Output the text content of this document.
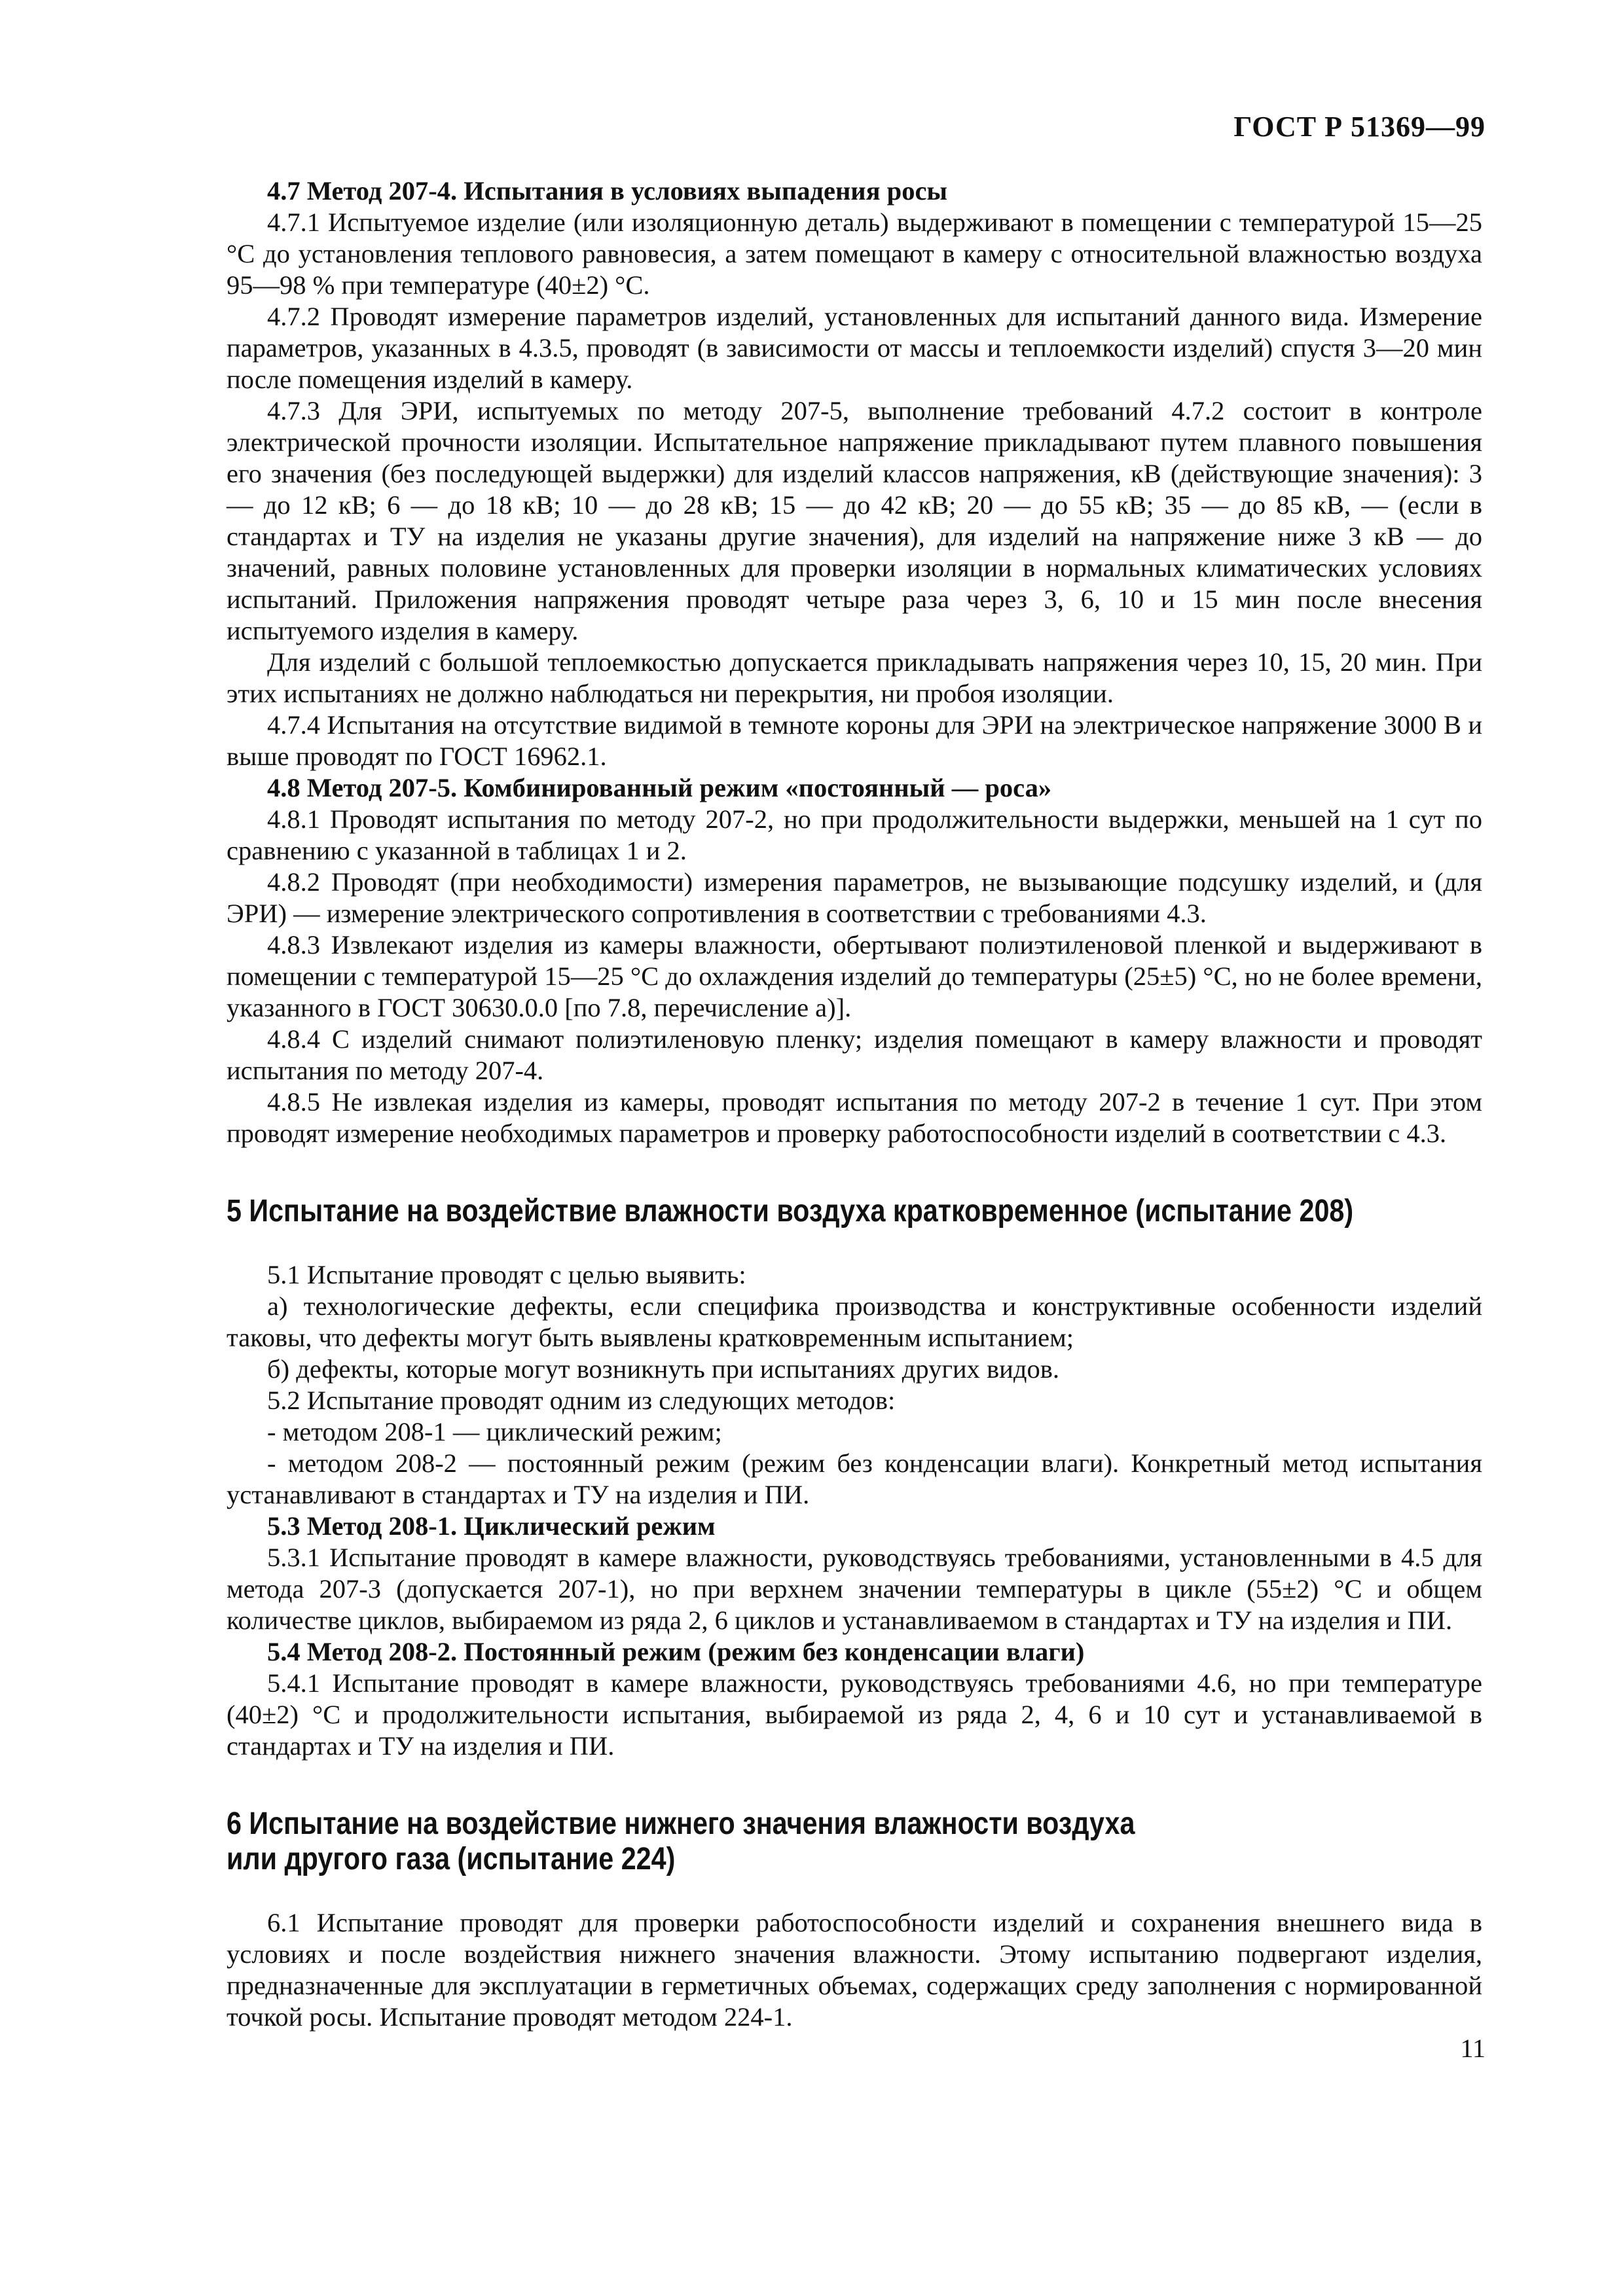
ГОСТ Р 51369—99

4.7 Метод 207-4. Испытания в условиях выпадения росы

4.7.1 Испытуемое изделие (или изоляционную деталь) выдерживают в помещении с температурой 15—25 °С до установления теплового равновесия, а затем помещают в камеру с относительной влажностью воздуха 95—98 % при температуре (40±2) °С.

4.7.2 Проводят измерение параметров изделий, установленных для испытаний данного вида. Измерение параметров, указанных в 4.3.5, проводят (в зависимости от массы и теплоемкости изделий) спустя 3—20 мин после помещения изделий в камеру.

4.7.3 Для ЭРИ, испытуемых по методу 207-5, выполнение требований 4.7.2 состоит в контроле электрической прочности изоляции. Испытательное напряжение прикладывают путем плавного повышения его значения (без последующей выдержки) для изделий классов напряжения, кВ (действующие значения): 3 — до 12 кВ; 6 — до 18 кВ; 10 — до 28 кВ; 15 — до 42 кВ; 20 — до 55 кВ; 35 — до 85 кВ, — (если в стандартах и ТУ на изделия не указаны другие значения), для изделий на напряжение ниже 3 кВ — до значений, равных половине установленных для проверки изоляции в нормальных климатических условиях испытаний. Приложения напряжения проводят четыре раза через 3, 6, 10 и 15 мин после внесения испытуемого изделия в камеру.

Для изделий с большой теплоемкостью допускается прикладывать напряжения через 10, 15, 20 мин. При этих испытаниях не должно наблюдаться ни перекрытия, ни пробоя изоляции.

4.7.4 Испытания на отсутствие видимой в темноте короны для ЭРИ на электрическое напряжение 3000 В и выше проводят по ГОСТ 16962.1.

4.8 Метод 207-5. Комбинированный режим «постоянный — роса»

4.8.1 Проводят испытания по методу 207-2, но при продолжительности выдержки, меньшей на 1 сут по сравнению с указанной в таблицах 1 и 2.

4.8.2 Проводят (при необходимости) измерения параметров, не вызывающие подсушку изделий, и (для ЭРИ) — измерение электрического сопротивления в соответствии с требованиями 4.3.

4.8.3 Извлекают изделия из камеры влажности, обертывают полиэтиленовой пленкой и выдерживают в помещении с температурой 15—25 °С до охлаждения изделий до температуры (25±5) °С, но не более времени, указанного в ГОСТ 30630.0.0 [по 7.8, перечисление а)].

4.8.4 С изделий снимают полиэтиленовую пленку; изделия помещают в камеру влажности и проводят испытания по методу 207-4.

4.8.5 Не извлекая изделия из камеры, проводят испытания по методу 207-2 в течение 1 сут. При этом проводят измерение необходимых параметров и проверку работоспособности изделий в соответствии с 4.3.

5 Испытание на воздействие влажности воздуха кратковременное (испытание 208)

5.1 Испытание проводят с целью выявить:

а) технологические дефекты, если специфика производства и конструктивные особенности изделий таковы, что дефекты могут быть выявлены кратковременным испытанием;

б) дефекты, которые могут возникнуть при испытаниях других видов.

5.2 Испытание проводят одним из следующих методов:

- методом 208-1 — циклический режим;

- методом 208-2 — постоянный режим (режим без конденсации влаги). Конкретный метод испытания устанавливают в стандартах и ТУ на изделия и ПИ.

5.3 Метод 208-1. Циклический режим

5.3.1 Испытание проводят в камере влажности, руководствуясь требованиями, установленными в 4.5 для метода 207-3 (допускается 207-1), но при верхнем значении температуры в цикле (55±2) °С и общем количестве циклов, выбираемом из ряда 2, 6 циклов и устанавливаемом в стандартах и ТУ на изделия и ПИ.

5.4 Метод 208-2. Постоянный режим (режим без конденсации влаги)

5.4.1 Испытание проводят в камере влажности, руководствуясь требованиями 4.6, но при температуре (40±2) °С и продолжительности испытания, выбираемой из ряда 2, 4, 6 и 10 сут и устанавливаемой в стандартах и ТУ на изделия и ПИ.

6 Испытание на воздействие нижнего значения влажности воздуха
или другого газа (испытание 224)

6.1 Испытание проводят для проверки работоспособности изделий и сохранения внешнего вида в условиях и после воздействия нижнего значения влажности. Этому испытанию подвергают изделия, предназначенные для эксплуатации в герметичных объемах, содержащих среду заполнения с нормированной точкой росы. Испытание проводят методом 224-1.

11
